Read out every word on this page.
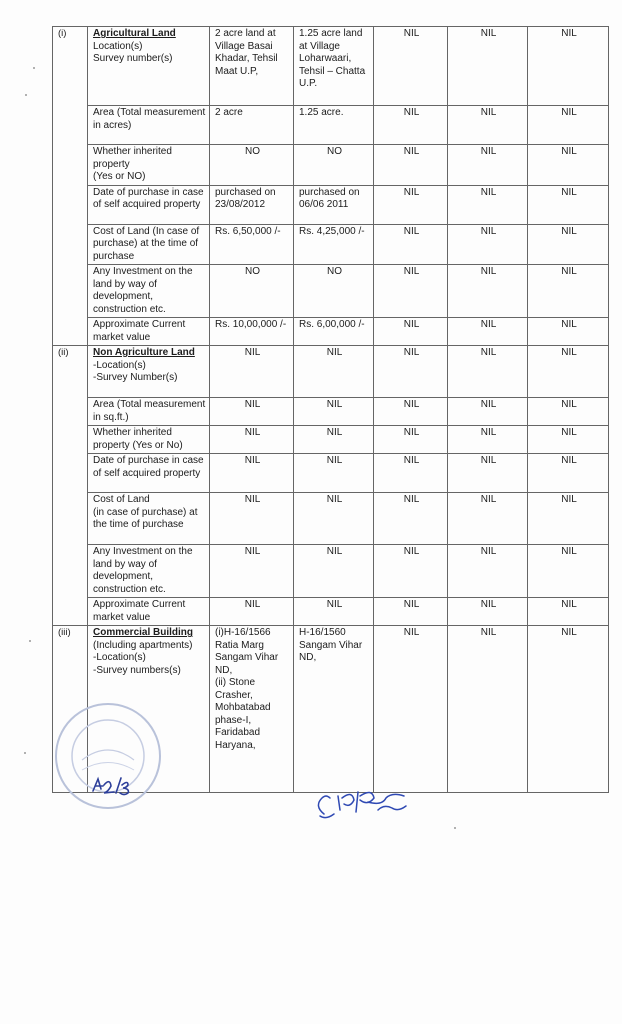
(i)	Agricultural Land
Location(s)
Survey number(s)	2 acre land at Village Basai Khadar, Tehsil Maat U.P,	1.25 acre land at Village Loharwaari, Tehsil – Chatta U.P.	NIL	NIL	NIL
	Area (Total measurement in acres)	2 acre	1.25 acre.	NIL	NIL	NIL
	Whether inherited property
(Yes or NO)	NO	NO	NIL	NIL	NIL
	Date of purchase in case of self acquired property	purchased on 23/08/2012	purchased on 06/06 2011	NIL	NIL	NIL
	Cost of Land (In case of purchase) at the time of purchase	Rs. 6,50,000 /-	Rs. 4,25,000 /-	NIL	NIL	NIL
	Any Investment on the land by way of development, construction etc.	NO	NO	NIL	NIL	NIL
	Approximate Current market value	Rs. 10,00,000 /-	Rs. 6,00,000 /-	NIL	NIL	NIL
(ii)	Non Agriculture Land
-Location(s)
-Survey Number(s)	NIL	NIL	NIL	NIL	NIL
	Area (Total measurement in sq.ft.)	NIL	NIL	NIL	NIL	NIL
	Whether inherited property (Yes or No)	NIL	NIL	NIL	NIL	NIL
	Date of purchase in case of self acquired property	NIL	NIL	NIL	NIL	NIL
	Cost of Land
(in case of purchase) at the time of purchase	NIL	NIL	NIL	NIL	NIL
	Any Investment on the land by way of development, construction etc.	NIL	NIL	NIL	NIL	NIL
	Approximate Current market value	NIL	NIL	NIL	NIL	NIL
(iii)	Commercial Building
(Including apartments)
-Location(s)
-Survey numbers(s)	(i)H-16/1566 Ratia Marg Sangam Vihar ND,
(ii) Stone Crasher, Mohbatabad phase-I, Faridabad Haryana,	H-16/1560 Sangam Vihar ND,	NIL	NIL	NIL
